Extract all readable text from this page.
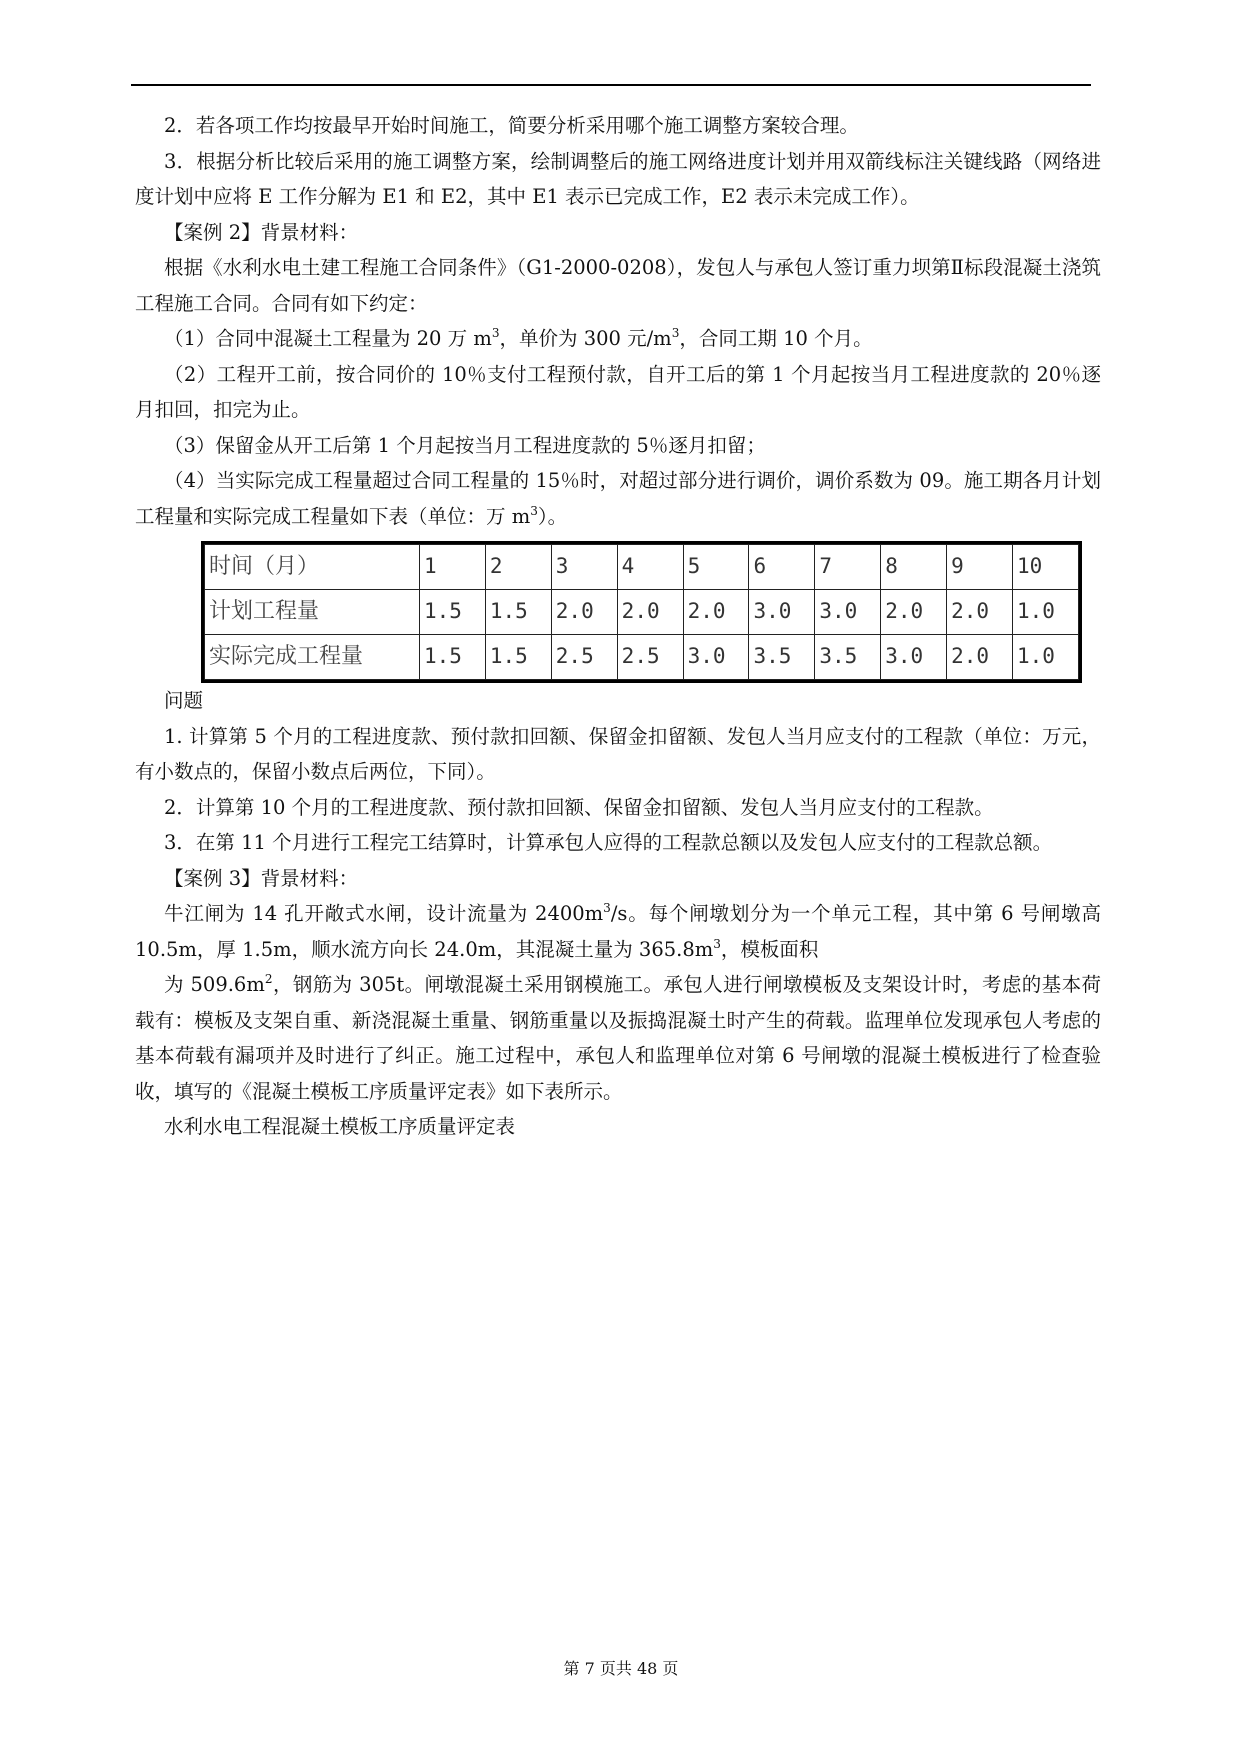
2．若各项工作均按最早开始时间施工，简要分析采用哪个施工调整方案较合理。

3．根据分析比较后采用的施工调整方案，绘制调整后的施工网络进度计划并用双箭线标注关键线路（网络进度计划中应将 E 工作分解为 E1 和 E2，其中 E1 表示已完成工作，E2 表示未完成工作）。

【案例 2】背景材料：

根据《水利水电土建工程施工合同条件》（G1-2000-0208），发包人与承包人签订重力坝第Ⅱ标段混凝土浇筑工程施工合同。合同有如下约定：

（1）合同中混凝土工程量为 20 万 $m^3$，单价为 300 元$/m^3$，合同工期 10 个月。

（2）工程开工前，按合同价的 10％支付工程预付款，自开工后的第 1 个月起按当月工程进度款的 20％逐月扣回，扣完为止。

（3）保留金从开工后第 1 个月起按当月工程进度款的 5％逐月扣留；

（4）当实际完成工程量超过合同工程量的 15％时，对超过部分进行调价，调价系数为 09。施工期各月计划工程量和实际完成工程量如下表（单位：万 $m^3$）。

时间（月）	1	2	3	4	5	6	7	8	9	10
计划工程量	1.5	1.5	2.0	2.0	2.0	3.0	3.0	2.0	2.0	1.0
实际完成工程量	1.5	1.5	2.5	2.5	3.0	3.5	3.5	3.0	2.0	1.0

问题

1. 计算第 5 个月的工程进度款、预付款扣回额、保留金扣留额、发包人当月应支付的工程款（单位：万元，有小数点的，保留小数点后两位，下同）。

2．计算第 10 个月的工程进度款、预付款扣回额、保留金扣留额、发包人当月应支付的工程款。

3．在第 11 个月进行工程完工结算时，计算承包人应得的工程款总额以及发包人应支付的工程款总额。

【案例 3】背景材料：

牛江闸为 14 孔开敞式水闸，设计流量为 $2400m^3/s$。每个闸墩划分为一个单元工程，其中第 6 号闸墩高 10.5m，厚 1.5m，顺水流方向长 24.0m，其混凝土量为 $365.8m^3$，模板面积

为 $509.6m^2$，钢筋为 305t。闸墩混凝土采用钢模施工。承包人进行闸墩模板及支架设计时，考虑的基本荷载有：模板及支架自重、新浇混凝土重量、钢筋重量以及振捣混凝土时产生的荷载。监理单位发现承包人考虑的基本荷载有漏项并及时进行了纠正。施工过程中，承包人和监理单位对第 6 号闸墩的混凝土模板进行了检查验收，填写的《混凝土模板工序质量评定表》如下表所示。

水利水电工程混凝土模板工序质量评定表

第 7 页共 48 页
